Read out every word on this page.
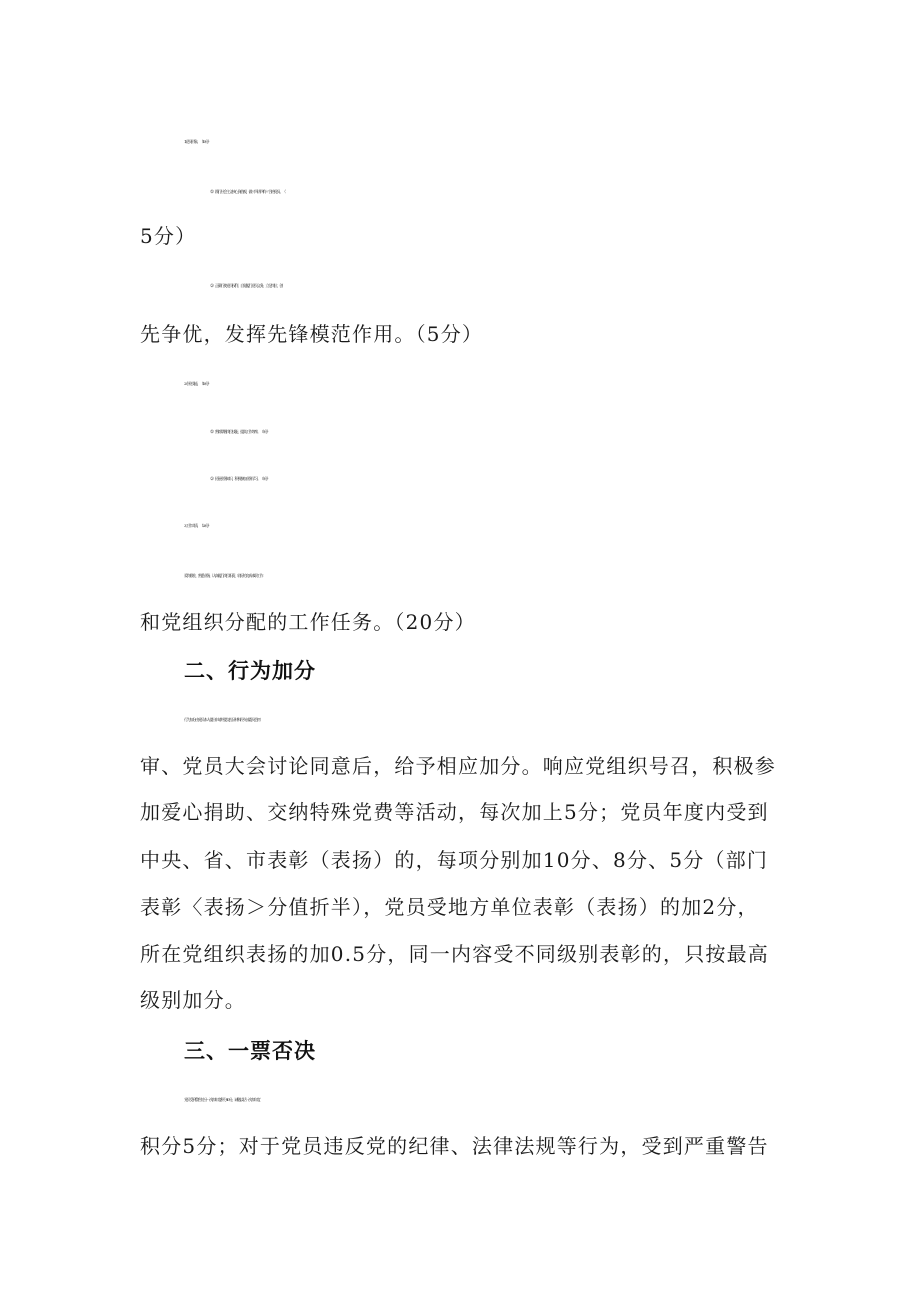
1.党员形象。（10分）
（1）践行社会主义核心价值观，做〃四讲四有〃合格党员。（
5分）
（2）正确行使党员权利，自觉履行党员义务，立足岗位、创
先争优，发挥先锋模范作用。（5分）
2 .专业技能。（10分）
（1）熟练掌握岗位技能，提高工作效率。（5分）
（2）拓展业务知识，积极参加业务学习。（5分）
3 .工作实绩。（20分）
爱岗敬业，熟悉业务，认真履行岗位职责，较好的完成本职工作
和党组织分配的工作任务。（20分）
二、行为加分
行为加分由党员本人提出申请并提交佐证材料,经支部委员会初
审、党员大会讨论同意后，给予相应加分。响应党组织号召，积极参
加爱心捐助、交纳特殊党费等活动，每次加上5分；党员年度内受到
中央、省、市表彰（表扬）的，每项分别加10分、8分、5分（部门
表彰〈表扬＞分值折半），党员受地方单位表彰（表扬）的加2分，
所在党组织表扬的加0.5分，同一内容受不同级别表彰的，只按最高
级别加分。
三、一票否决
党员受到警告处分一次扣年度积分10分，诫勉谈话一次扣年度
积分5分；对于党员违反党的纪律、法律法规等行为，受到严重警告
